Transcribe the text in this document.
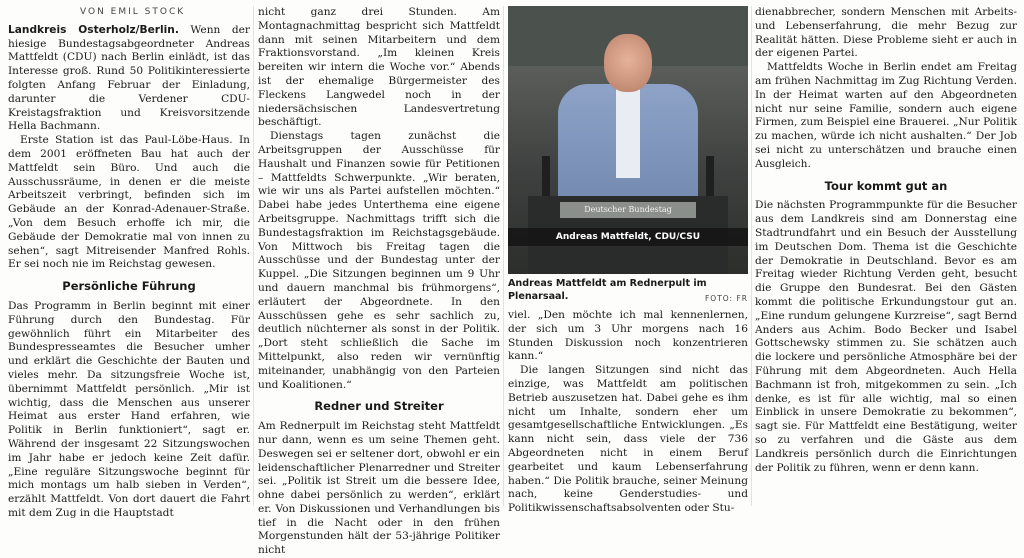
VON EMIL STOCK

Landkreis Osterholz/Berlin. Wenn der hiesige Bundestagsabgeordneter Andreas Mattfeldt (CDU) nach Berlin einlädt, ist das Interesse groß. Rund 50 Politikinteressierte folgten Anfang Februar der Einladung, darunter die Verdener CDU-Kreistagsfraktion und Kreisvorsitzende Hella Bachmann.

Erste Station ist das Paul-Löbe-Haus. In dem 2001 eröffneten Bau hat auch der Mattfeldt sein Büro. Und auch die Ausschussräume, in denen er die meiste Arbeitszeit verbringt, befinden sich im Gebäude an der Konrad-Adenauer-Straße. „Von dem Besuch erhoffe ich mir, die Gebäude der Demokratie mal von innen zu sehen“, sagt Mitreisender Manfred Rohls. Er sei noch nie im Reichstag gewesen.

Persönliche Führung

Das Programm in Berlin beginnt mit einer Führung durch den Bundestag. Für gewöhnlich führt ein Mitarbeiter des Bundespresseamtes die Besucher umher und erklärt die Geschichte der Bauten und vieles mehr. Da sitzungsfreie Woche ist, übernimmt Mattfeldt persönlich. „Mir ist wichtig, dass die Menschen aus unserer Heimat aus erster Hand erfahren, wie Politik in Berlin funktioniert“, sagt er. Während der insgesamt 22 Sitzungswochen im Jahr habe er jedoch keine Zeit dafür. „Eine reguläre Sitzungswoche beginnt für mich montags um halb sieben in Verden“, erzählt Mattfeldt. Von dort dauert die Fahrt mit dem Zug in die Hauptstadt

nicht ganz drei Stunden. Am Montagnachmittag bespricht sich Mattfeldt dann mit seinen Mitarbeitern und dem Fraktionsvorstand. „Im kleinen Kreis bereiten wir intern die Woche vor.“ Abends ist der ehemalige Bürgermeister des Fleckens Langwedel noch in der niedersächsischen Landesvertretung beschäftigt.

Dienstags tagen zunächst die Arbeitsgruppen der Ausschüsse für Haushalt und Finanzen sowie für Petitionen – Mattfeldts Schwerpunkte. „Wir beraten, wie wir uns als Partei aufstellen möchten.“ Dabei habe jedes Unterthema eine eigene Arbeitsgruppe. Nachmittags trifft sich die Bundestagsfraktion im Reichstagsgebäude. Von Mittwoch bis Freitag tagen die Ausschüsse und der Bundestag unter der Kuppel. „Die Sitzungen beginnen um 9 Uhr und dauern manchmal bis frühmorgens“, erläutert der Abgeordnete. In den Ausschüssen gehe es sehr sachlich zu, deutlich nüchterner als sonst in der Politik. „Dort steht schließlich die Sache im Mittelpunkt, also reden wir vernünftig miteinander, unabhängig von den Parteien und Koalitionen.“

Redner und Streiter

Am Rednerpult im Reichstag steht Mattfeldt nur dann, wenn es um seine Themen geht. Deswegen sei er seltener dort, obwohl er ein leidenschaftlicher Plenarredner und Streiter sei. „Politik ist Streit um die bessere Idee, ohne dabei persönlich zu werden“, erklärt er. Von Diskussionen und Verhandlungen bis tief in die Nacht oder in den frühen Morgenstunden hält der 53-jährige Politiker nicht

Deutscher Bundestag
Andreas Mattfeldt, CDU/CSU
Andreas Mattfeldt am Rednerpult im Plenarsaal.	FOTO: FR

viel. „Den möchte ich mal kennenlernen, der sich um 3 Uhr morgens nach 16 Stunden Diskussion noch konzentrieren kann.“

Die langen Sitzungen sind nicht das einzige, was Mattfeldt am politischen Betrieb auszusetzen hat. Dabei gehe es ihm nicht um Inhalte, sondern eher um gesamtgesellschaftliche Entwicklungen. „Es kann nicht sein, dass viele der 736 Abgeordneten nicht in einem Beruf gearbeitet und kaum Lebenserfahrung haben.“ Die Politik brauche, seiner Meinung nach, keine Genderstudies- und Politikwissenschaftsabsolventen oder Stu-

dienabbrecher, sondern Menschen mit Arbeits- und Lebenserfahrung, die mehr Bezug zur Realität hätten. Diese Probleme sieht er auch in der eigenen Partei.

Mattfeldts Woche in Berlin endet am Freitag am frühen Nachmittag im Zug Richtung Verden. In der Heimat warten auf den Abgeordneten nicht nur seine Familie, sondern auch eigene Firmen, zum Beispiel eine Brauerei. „Nur Politik zu machen, würde ich nicht aushalten.“ Der Job sei nicht zu unterschätzen und brauche einen Ausgleich.

Tour kommt gut an

Die nächsten Programmpunkte für die Besucher aus dem Landkreis sind am Donnerstag eine Stadtrundfahrt und ein Besuch der Ausstellung im Deutschen Dom. Thema ist die Geschichte der Demokratie in Deutschland. Bevor es am Freitag wieder Richtung Verden geht, besucht die Gruppe den Bundesrat. Bei den Gästen kommt die politische Erkundungstour gut an. „Eine rundum gelungene Kurzreise“, sagt Bernd Anders aus Achim. Bodo Becker und Isabel Gottschewsky stimmen zu. Sie schätzen auch die lockere und persönliche Atmosphäre bei der Führung mit dem Abgeordneten. Auch Hella Bachmann ist froh, mitgekommen zu sein. „Ich denke, es ist für alle wichtig, mal so einen Einblick in unsere Demokratie zu bekommen“, sagt sie. Für Mattfeldt eine Bestätigung, weiter so zu verfahren und die Gäste aus dem Landkreis persönlich durch die Einrichtungen der Politik zu führen, wenn er denn kann.
